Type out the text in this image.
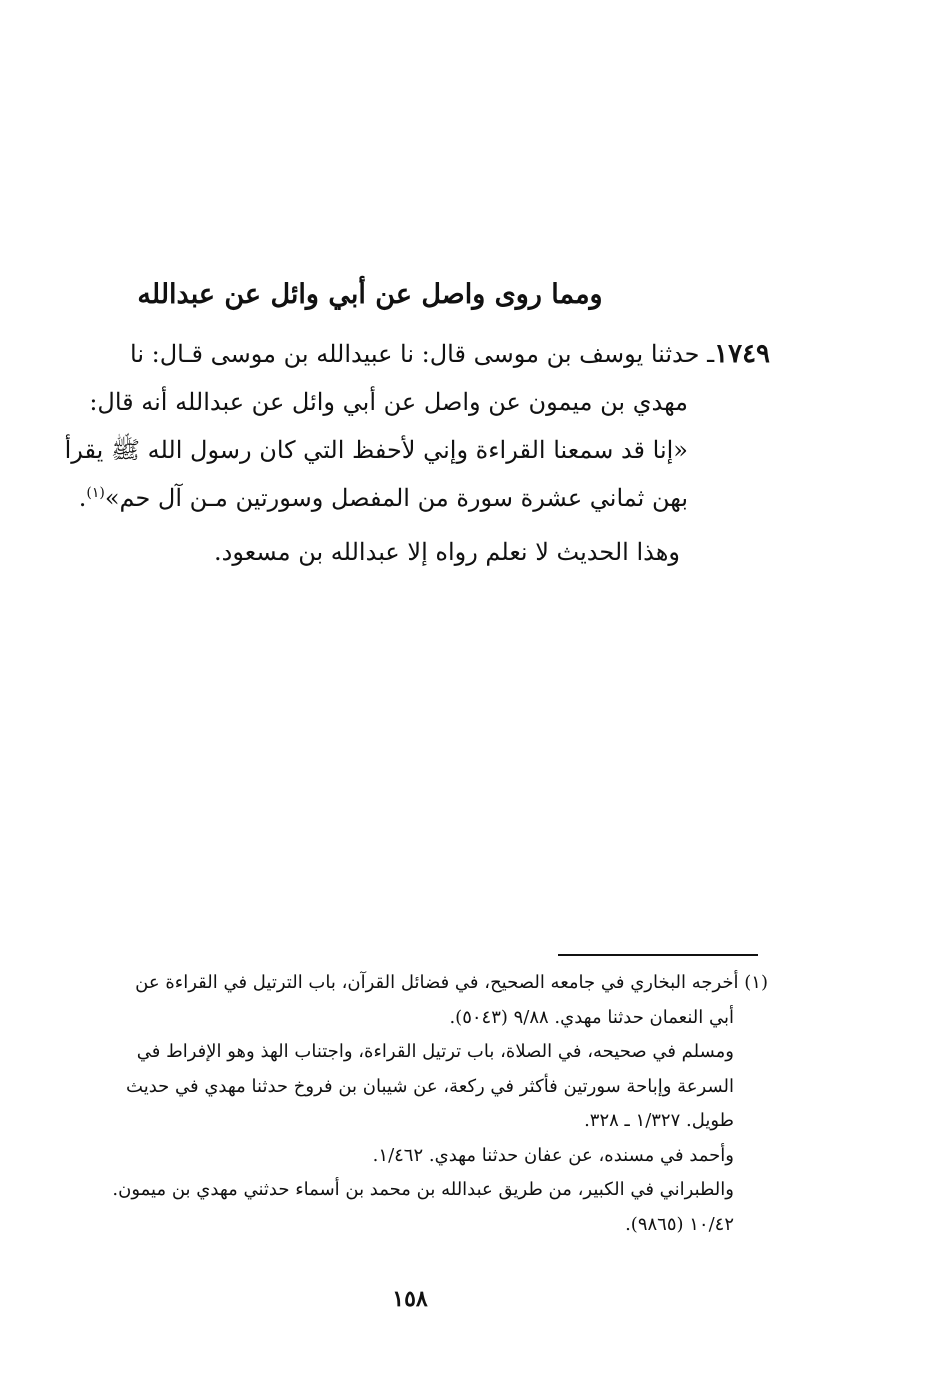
ومما روى واصل عن أبي وائل عن عبدالله

١٧٤٩ـ حدثنا يوسف بن موسى قال: نا عبيدالله بن موسى قـال: نا
مهدي بن ميمون عن واصل عن أبي وائل عن عبدالله أنه قال:
«إنا قد سمعنا القراءة وإني لأحفظ التي كان رسول الله ﷺ يقرأ
بهن ثماني عشرة سورة من المفصل وسورتين مـن آل حم»$^{(١)}$.

وهذا الحديث لا نعلم رواه إلا عبدالله بن مسعود.

(١) أخرجه البخاري في جامعه الصحيح، في فضائل القرآن، باب الترتيل في القراءة عن
أبي النعمان حدثنا مهدي. ٩/٨٨ (٥٠٤٣).
ومسلم في صحيحه، في الصلاة، باب ترتيل القراءة، واجتناب الهذ وهو الإفراط في
السرعة وإباحة سورتين فأكثر في ركعة، عن شيبان بن فروخ حدثنا مهدي في حديث
طويل. ١/٣٢٧ ـ ٣٢٨.
وأحمد في مسنده، عن عفان حدثنا مهدي. ١/٤٦٢.
والطبراني في الكبير، من طريق عبدالله بن محمد بن أسماء حدثني مهدي بن ميمون.
١٠/٤٢ (٩٨٦٥).
١٥٨
